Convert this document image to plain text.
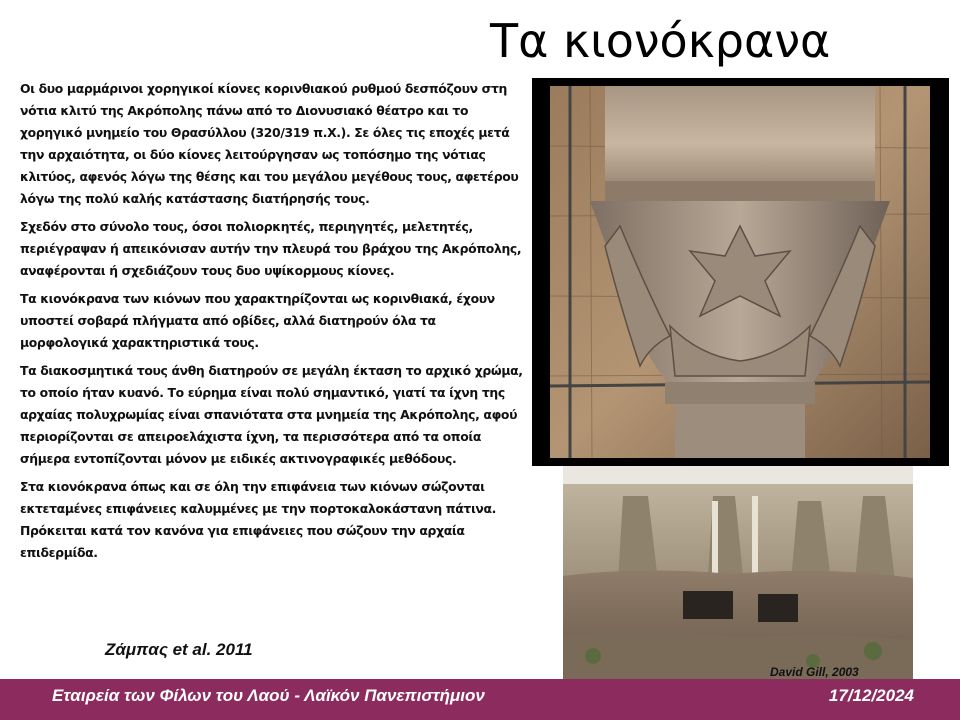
Τα κιονόκρανα

Οι δυο μαρμάρινοι χορηγικοί κίονες κορινθιακού ρυθμού δεσπόζουν στη νότια κλιτύ της Ακρόπολης πάνω από το Διονυσιακό θέατρο και το χορηγικό μνημείο του Θρασύλλου (320/319 π.Χ.). Σε όλες τις εποχές μετά την αρχαιότητα, οι δύο κίονες λειτούργησαν ως τοπόσημο της νότιας κλιτύος, αφενός λόγω της θέσης και του μεγάλου μεγέθους τους, αφετέρου λόγω της πολύ καλής κατάστασης διατήρησής τους.

Σχεδόν στο σύνολο τους, όσοι πολιορκητές, περιηγητές, μελετητές, περιέγραψαν ή απεικόνισαν αυτήν την πλευρά του βράχου της Ακρόπολης, αναφέρονται ή σχεδιάζουν τους δυο υψίκορμους κίονες.

Τα κιονόκρανα των κιόνων που χαρακτηρίζονται ως κορινθιακά, έχουν υποστεί σοβαρά πλήγματα από οβίδες, αλλά διατηρούν όλα τα μορφολογικά χαρακτηριστικά τους.

Τα διακοσμητικά τους άνθη διατηρούν σε μεγάλη έκταση το αρχικό χρώμα, το οποίο ήταν κυανό. Το εύρημα είναι πολύ σημαντικό, γιατί τα ίχνη της αρχαίας πολυχρωμίας είναι σπανιότατα στα μνημεία της Ακρόπολης, αφού περιορίζονται σε απειροελάχιστα ίχνη, τα περισσότερα από τα οποία σήμερα εντοπίζονται μόνον με ειδικές ακτινογραφικές μεθόδους.

Στα κιονόκρανα όπως και σε όλη την επιφάνεια των κιόνων σώζονται εκτεταμένες επιφάνειες καλυμμένες με την πορτοκαλοκάστανη πάτινα. Πρόκειται κατά τον κανόνα για επιφάνειες που σώζουν την αρχαία επιδερμίδα.

Ζάμπας et al. 2011
David Gill, 2003
Εταιρεία των Φίλων του Λαού - Λαϊκόν Πανεπιστήμιον	17/12/2024
